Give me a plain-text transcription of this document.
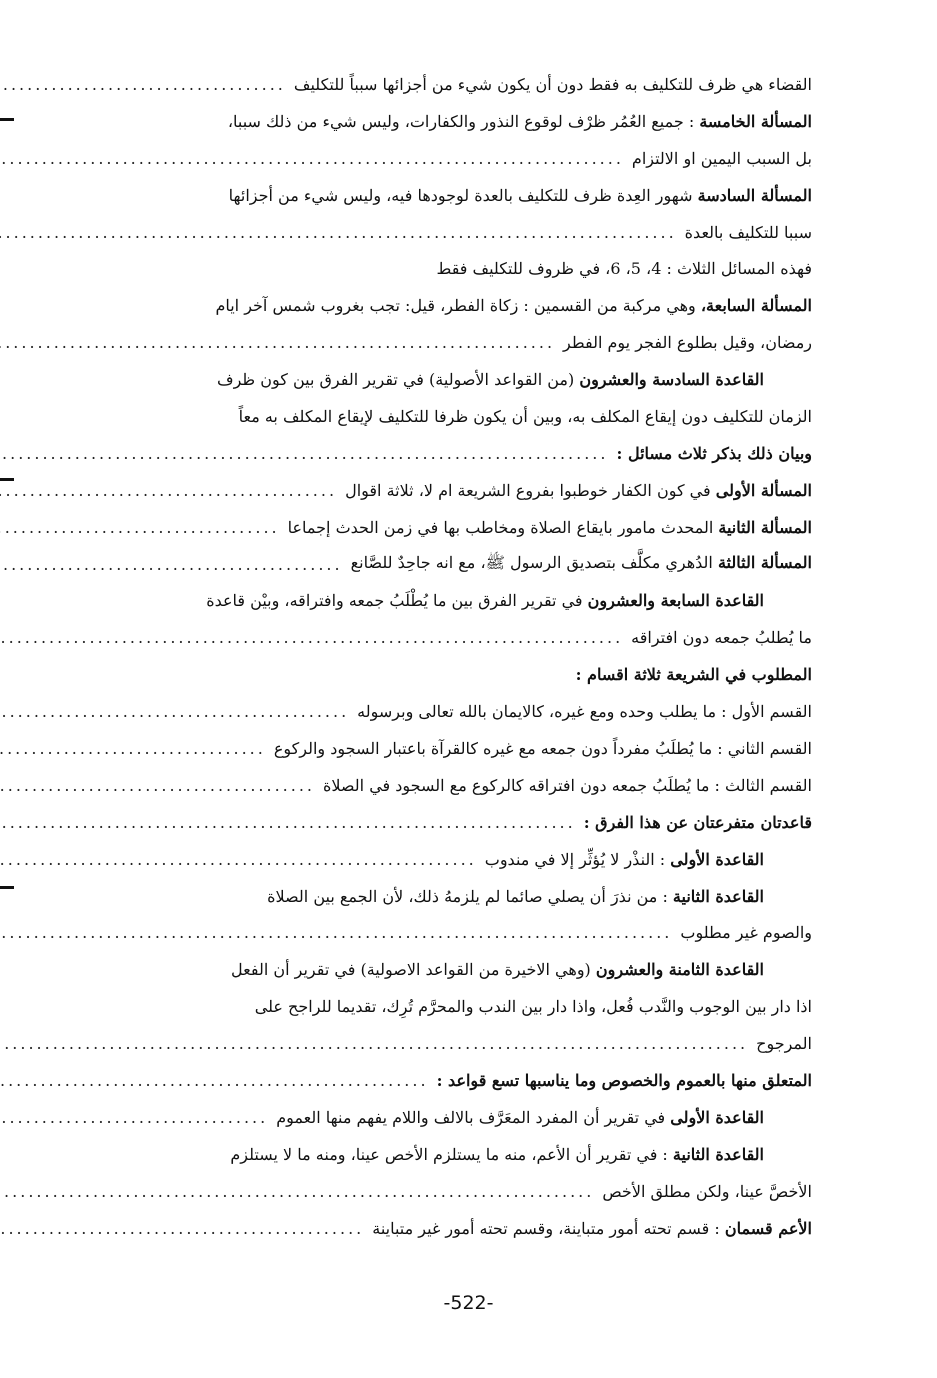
القضاء هي ظرف للتكليف به فقط دون أن يكون شيء من أجزائها سبباً للتكليف
.....
المسألة الخامسة : جميع العُمُر ظرْف لوقوع النذور والكفارات، وليس شيء من ذلك سببا،
بل السبب اليمين او الالتزام
.....
المسألة السادسة شهور العِدة ظرف للتكليف بالعدة لوجودها فيه، وليس شيء من أجزائها
سببا للتكليف بالعدة
.....
فهذه المسائل الثلاث : 4، 5، 6، في ظروف للتكليف فقط
المسألة السابعة، وهي مركبة من القسمين : زكاة الفطر، قيل: تجب بغروب شمس آخر ايام
رمضان، وقيل بطلوع الفجر يوم الفطر
.....
القاعدة السادسة والعشرون (من القواعد الأصولية) في تقرير الفرق بين كون ظرف
الزمان للتكليف دون إيقاع المكلف به، وبين أن يكون ظرفا للتكليف لإيقاع المكلف به معاً
وبيان ذلك بذكر ثلاث مسائل :
.....
المسألة الأولى في كون الكفار خوطبوا بفروع الشريعة ام لا، ثلاثة اقوال
.....
المسألة الثانية المحدث مامور بايقاع الصلاة ومخاطب بها في زمن الحدث إجماعا
.....
المسألة الثالثة الدُهري مكلَّف بتصديق الرسول ﷺ، مع انه جاحِدٌ للصَّانع
.....
القاعدة السابعة والعشرون في تقرير الفرق بين ما يُطْلَبُ جمعه وافتراقه، وبيْن قاعدة
ما يُطلبُ جمعه دون افتراقه
.....
المطلوب في الشريعة ثلاثة اقسام :
القسم الأول : ما يطلب وحده ومع غيره، كالايمان بالله تعالى وبرسوله
.....
القسم الثاني : ما يُطلَبُ مفرداً دون جمعه مع غيره كالقرآة باعتبار السجود والركوع
.....
القسم الثالث : ما يُطلَبُ جمعه دون افتراقه كالركوع مع السجود في الصلاة
.....
قاعدتان متفرعتان عن هذا الفرق :
.....
القاعدة الأولى : النذْر لا يُؤثِّر إلا في مندوب
.....
القاعدة الثانية : من نذرَ أن يصلي صائما لم يلزمهُ ذلك، لأن الجمع بين الصلاة
والصوم غير مطلوب
.....
القاعدة الثامنة والعشرون (وهي الاخيرة من القواعد الاصولية) في تقرير أن الفعل
اذا دار بين الوجوب والنَّدب فُعل، واذا دار بين الندب والمحرَّم تُرِك، تقديما للراجح على
المرجوح
.....
المتعلق منها بالعموم والخصوص وما يناسبها تسع قواعد :
.....
القاعدة الأولى في تقرير أن المفرد المعَرَّف بالالف واللام يفهم منها العموم
.....
القاعدة الثانية : في تقرير أن الأعم، منه ما يستلزم الأخص عينا، ومنه ما لا يستلزم
الأخصَّ عينا، ولكن مطلق الأخص
.....
الأعم قسمان : قسم تحته أمور متباينة، وقسم تحته أمور غير متباينة
.....
-522-
